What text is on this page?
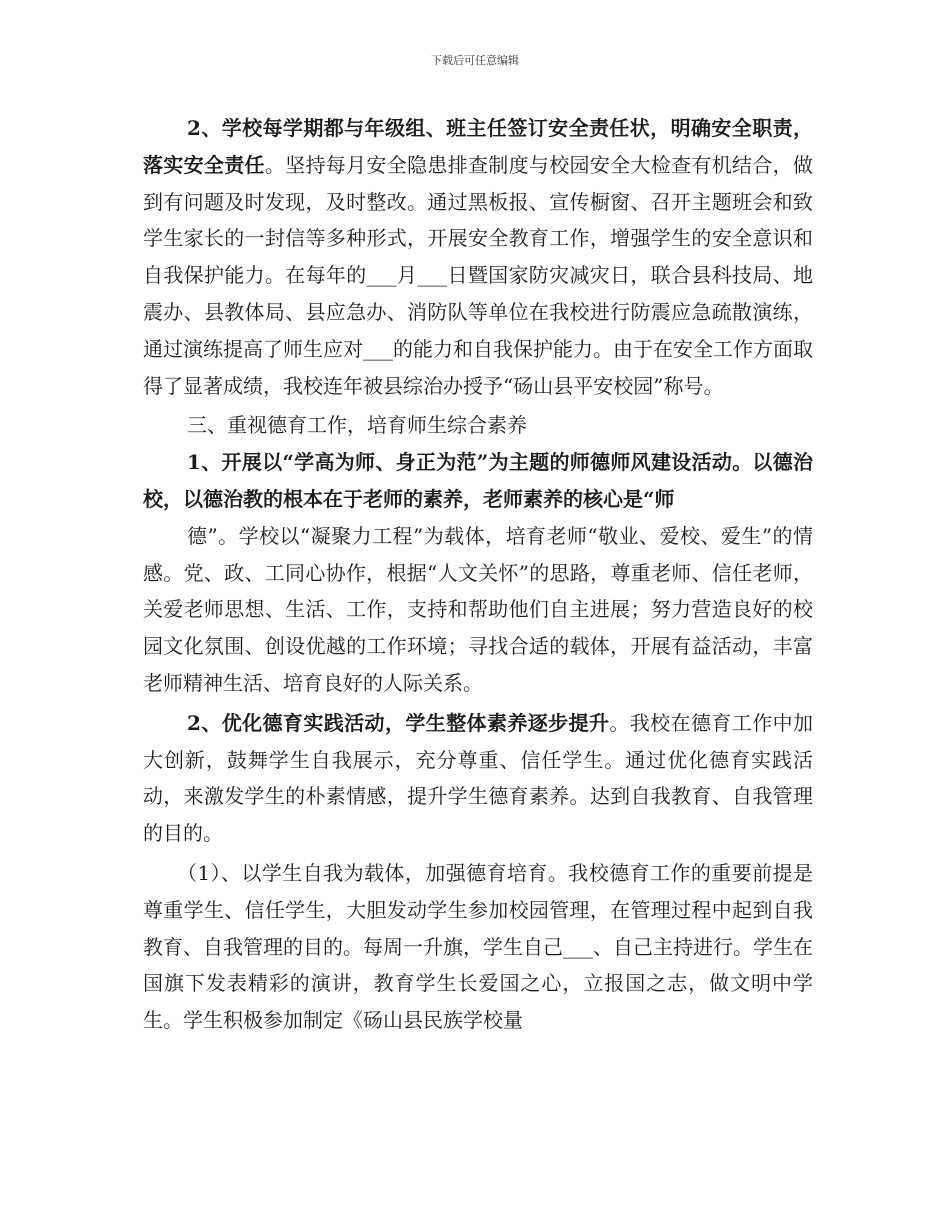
下载后可任意编辑

2、学校每学期都与年级组、班主任签订安全责任状，明确安全职责，落实安全责任。坚持每月安全隐患排查制度与校园安全大检查有机结合，做到有问题及时发现，及时整改。通过黑板报、宣传橱窗、召开主题班会和致学生家长的一封信等多种形式，开展安全教育工作，增强学生的安全意识和自我保护能力。在每年的___月___日暨国家防灾减灾日，联合县科技局、地震办、县教体局、县应急办、消防队等单位在我校进行防震应急疏散演练，通过演练提高了师生应对___的能力和自我保护能力。由于在安全工作方面取得了显著成绩，我校连年被县综治办授予“砀山县平安校园”称号。

三、重视德育工作，培育师生综合素养

1、开展以“学高为师、身正为范”为主题的师德师风建设活动。以德治校，以德治教的根本在于老师的素养，老师素养的核心是“师

德”。学校以“凝聚力工程”为载体，培育老师“敬业、爱校、爱生”的情感。党、政、工同心协作，根据“人文关怀”的思路，尊重老师、信任老师，关爱老师思想、生活、工作，支持和帮助他们自主进展；努力营造良好的校园文化氛围、创设优越的工作环境；寻找合适的载体，开展有益活动，丰富老师精神生活、培育良好的人际关系。

2、优化德育实践活动，学生整体素养逐步提升。我校在德育工作中加大创新，鼓舞学生自我展示，充分尊重、信任学生。通过优化德育实践活动，来激发学生的朴素情感，提升学生德育素养。达到自我教育、自我管理的目的。

（1）、以学生自我为载体，加强德育培育。我校德育工作的重要前提是尊重学生、信任学生，大胆发动学生参加校园管理，在管理过程中起到自我教育、自我管理的目的。每周一升旗，学生自己___、自己主持进行。学生在国旗下发表精彩的演讲，教育学生长爱国之心，立报国之志，做文明中学生。学生积极参加制定《砀山县民族学校量
